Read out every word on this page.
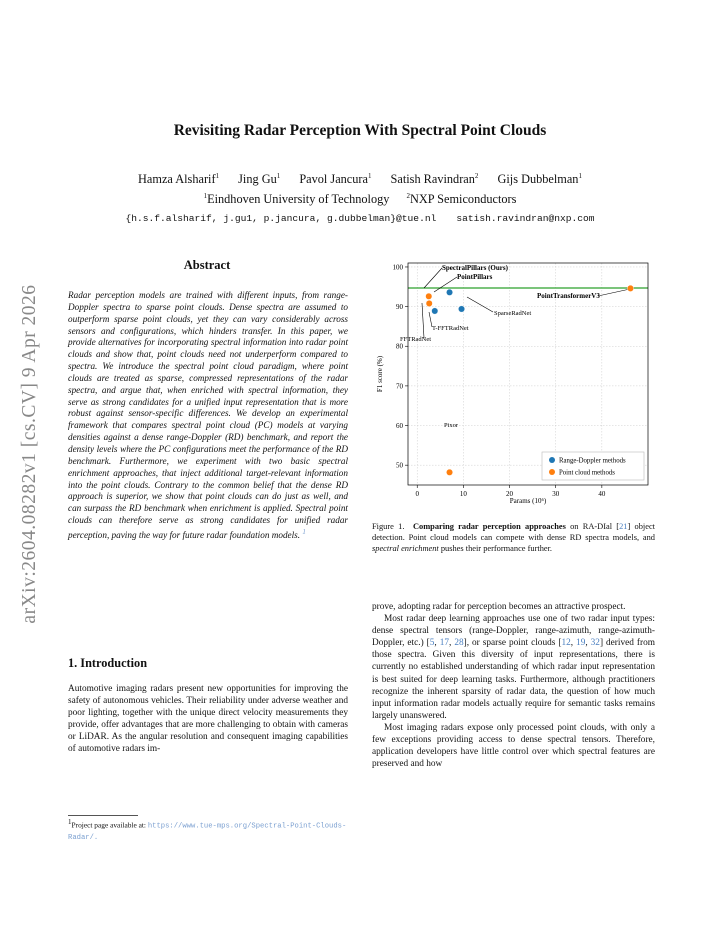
arXiv:2604.08282v1 [cs.CV] 9 Apr 2026
Revisiting Radar Perception With Spectral Point Clouds
Hamza Alsharif$^1$ Jing Gu$^1$ Pavol Jancura$^1$ Satish Ravindran$^2$ Gijs Dubbelman$^1$
$^1$Eindhoven University of Technology $^2$NXP Semiconductors
{h.s.f.alsharif, j.gu1, p.jancura, g.dubbelman}@tue.nl satish.ravindran@nxp.com
Abstract
Radar perception models are trained with different inputs, from range-Doppler spectra to sparse point clouds. Dense spectra are assumed to outperform sparse point clouds, yet they can vary considerably across sensors and configurations, which hinders transfer. In this paper, we provide alternatives for incorporating spectral information into radar point clouds and show that, point clouds need not underperform compared to spectra. We introduce the spectral point cloud paradigm, where point clouds are treated as sparse, compressed representations of the radar spectra, and argue that, when enriched with spectral information, they serve as strong candidates for a unified input representation that is more robust against sensor-specific differences. We develop an experimental framework that compares spectral point cloud (PC) models at varying densities against a dense range-Doppler (RD) benchmark, and report the density levels where the PC configurations meet the performance of the RD benchmark. Furthermore, we experiment with two basic spectral enrichment approaches, that inject additional target-relevant information into the point clouds. Contrary to the common belief that the dense RD approach is superior, we show that point clouds can do just as well, and can surpass the RD benchmark when enrichment is applied. Spectral point clouds can therefore serve as strong candidates for unified radar perception, paving the way for future radar foundation models. $^1$
1. Introduction
Automotive imaging radars present new opportunities for improving the safety of autonomous vehicles. Their reliability under adverse weather and poor lighting, together with the unique direct velocity measurements they provide, offer advantages that are more challenging to obtain with cameras or LiDAR. As the angular resolution and consequent imaging capabilities of automotive radars im-
$^1$Project page available at: https://www.tue-mps.org/Spectral-Point-Clouds-Radar/.
0	10	20	30	40
50
60
70
80
90
100
Params (10⁶)
F1 score (%)
SpectralPillars (Ours)
PointPillars
PointTransformerV3
SparseRadNet
T-FFTRadNet
FFTRadNet
Pixor
Range-Doppler methods
Point cloud methods
Figure 1. Comparing radar perception approaches on RA-DIal [21] object detection. Point cloud models can compete with dense RD spectra models, and spectral enrichment pushes their performance further.

prove, adopting radar for perception becomes an attractive prospect.

Most radar deep learning approaches use one of two radar input types: dense spectral tensors (range-Doppler, range-azimuth, range-azimuth-Doppler, etc.) [5, 17, 28], or sparse point clouds [12, 19, 32] derived from those spectra. Given this diversity of input representations, there is currently no established understanding of which radar input representation is best suited for deep learning tasks. Furthermore, although practitioners recognize the inherent sparsity of radar data, the question of how much input information radar models actually require for semantic tasks remains largely unanswered.

Most imaging radars expose only processed point clouds, with only a few exceptions providing access to dense spectral tensors. Therefore, application developers have little control over which spectral features are preserved and how
